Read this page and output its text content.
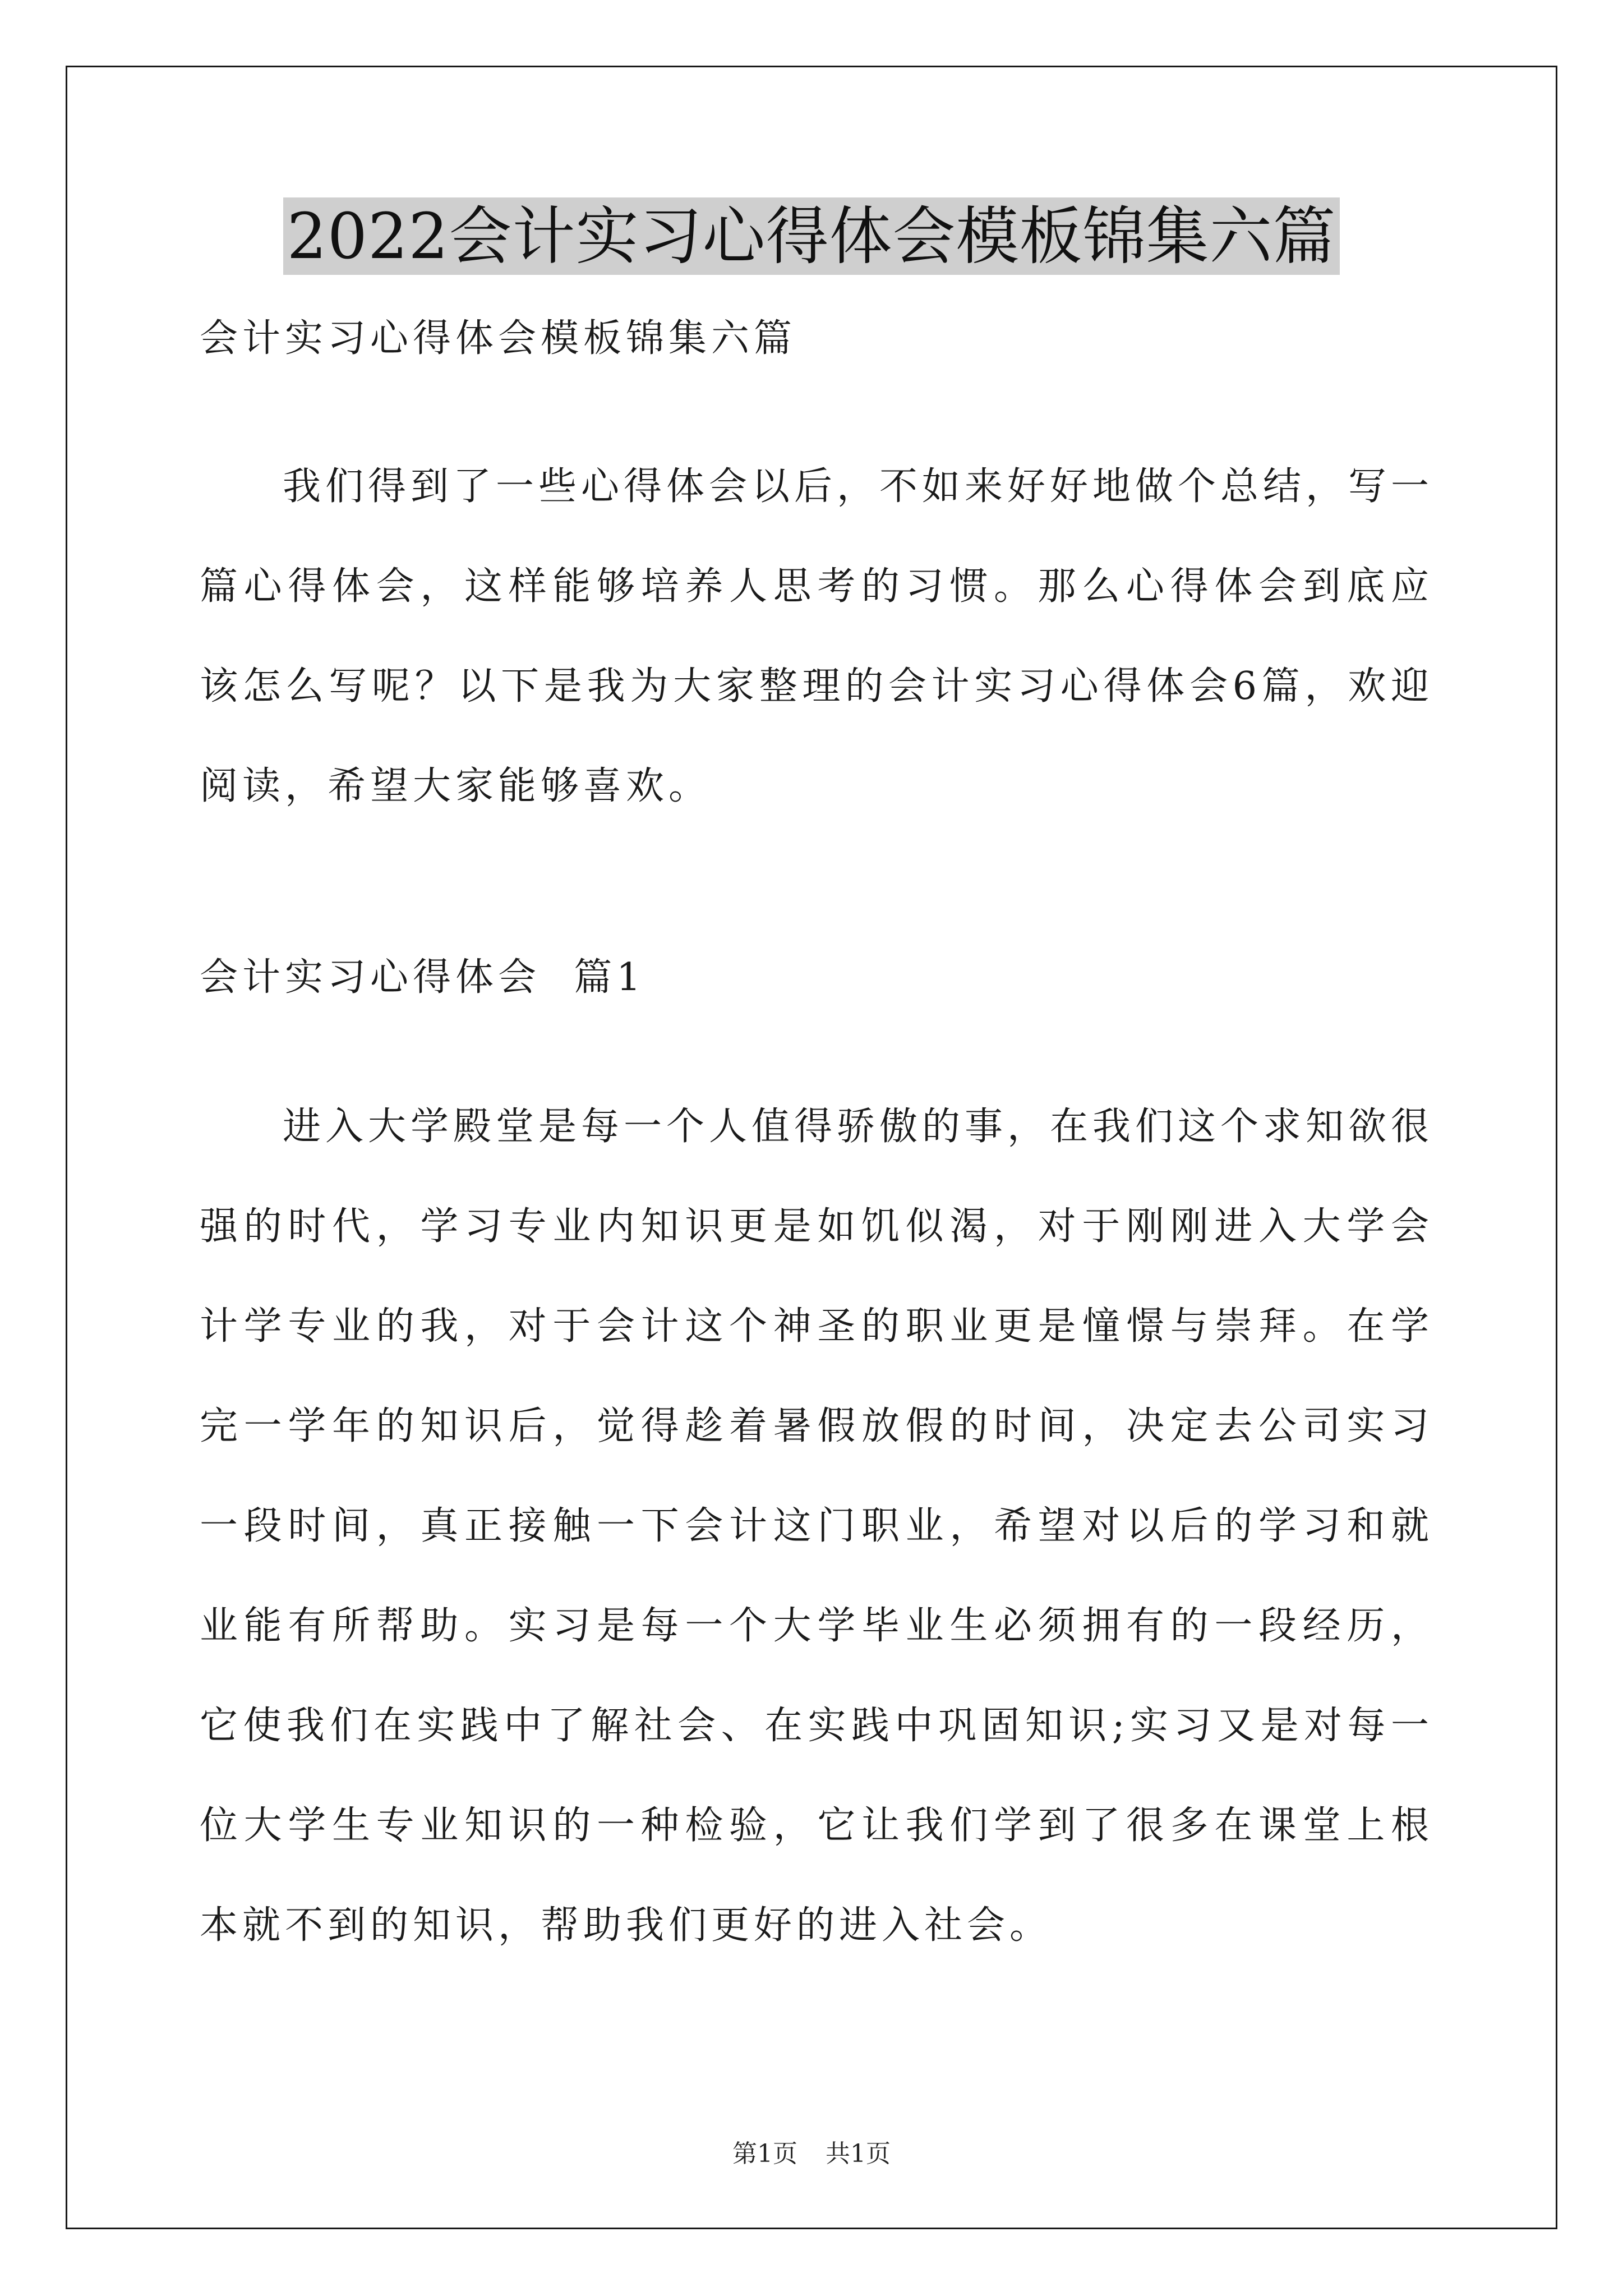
2022会计实习心得体会模板锦集六篇
会计实习心得体会模板锦集六篇

我们得到了一些心得体会以后，不如来好好地做个总结，写一篇心得体会，这样能够培养人思考的习惯。那么心得体会到底应该怎么写呢？以下是我为大家整理的会计实习心得体会6篇，欢迎阅读，希望大家能够喜欢。

会计实习心得体会  篇1

进入大学殿堂是每一个人值得骄傲的事，在我们这个求知欲很强的时代，学习专业内知识更是如饥似渴，对于刚刚进入大学会计学专业的我，对于会计这个神圣的职业更是憧憬与崇拜。在学完一学年的知识后，觉得趁着暑假放假的时间，决定去公司实习一段时间，真正接触一下会计这门职业，希望对以后的学习和就业能有所帮助。实习是每一个大学毕业生必须拥有的一段经历，它使我们在实践中了解社会、在实践中巩固知识;实习又是对每一位大学生专业知识的一种检验，它让我们学到了很多在课堂上根本就不到的知识，帮助我们更好的进入社会。

第1页 共1页
